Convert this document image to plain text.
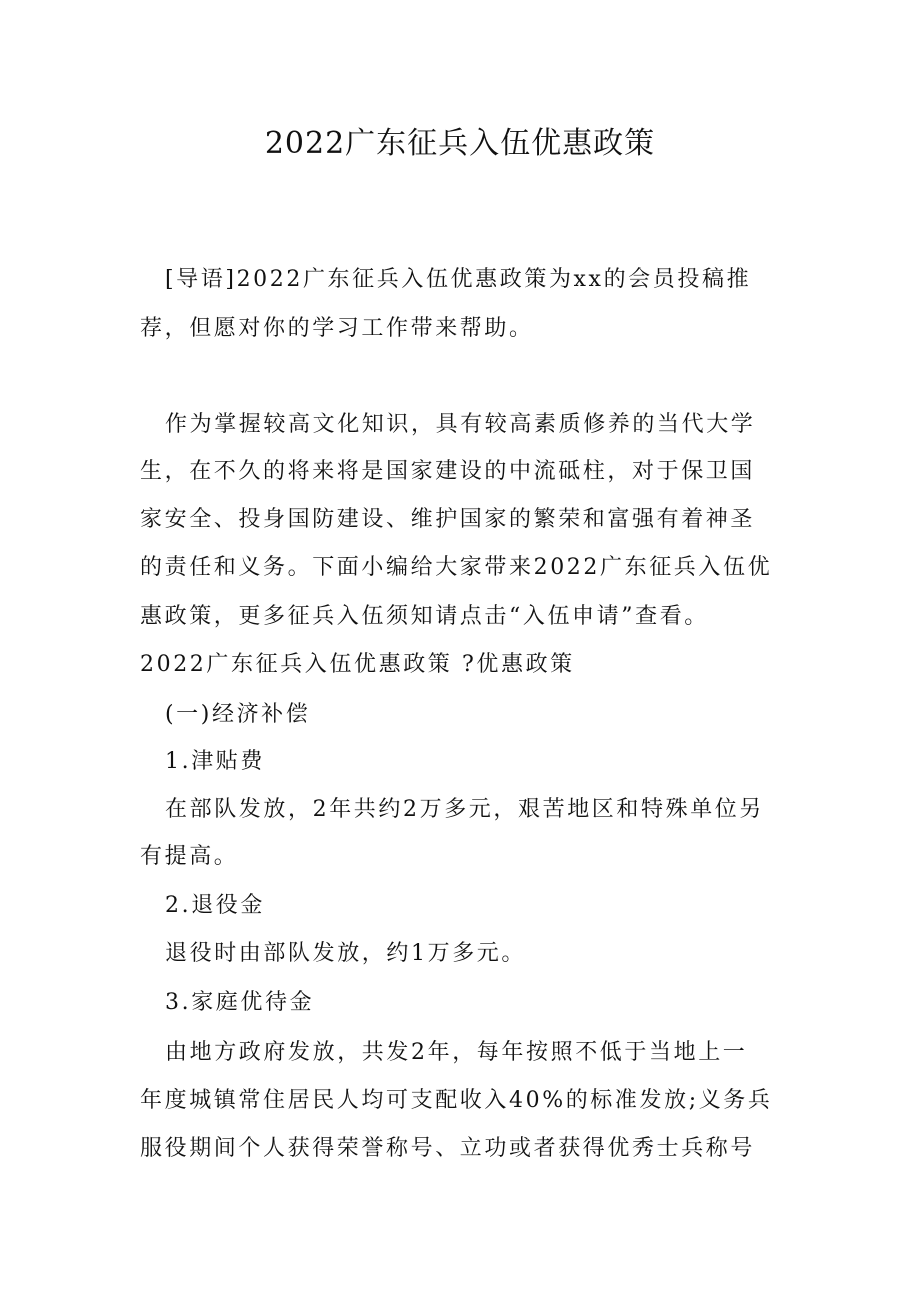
2022广东征兵入伍优惠政策
[导语]2022广东征兵入伍优惠政策为xx的会员投稿推
荐，但愿对你的学习工作带来帮助。
作为掌握较高文化知识，具有较高素质修养的当代大学
生，在不久的将来将是国家建设的中流砥柱，对于保卫国
家安全、投身国防建设、维护国家的繁荣和富强有着神圣
的责任和义务。下面小编给大家带来2022广东征兵入伍优
惠政策，更多征兵入伍须知请点击“入伍申请”查看。
2022广东征兵入伍优惠政策 ?优惠政策
(一)经济补偿
1.津贴费
在部队发放，2年共约2万多元，艰苦地区和特殊单位另
有提高。
2.退役金
退役时由部队发放，约1万多元。
3.家庭优待金
由地方政府发放，共发2年，每年按照不低于当地上一
年度城镇常住居民人均可支配收入40%的标准发放;义务兵
服役期间个人获得荣誉称号、立功或者获得优秀士兵称号
